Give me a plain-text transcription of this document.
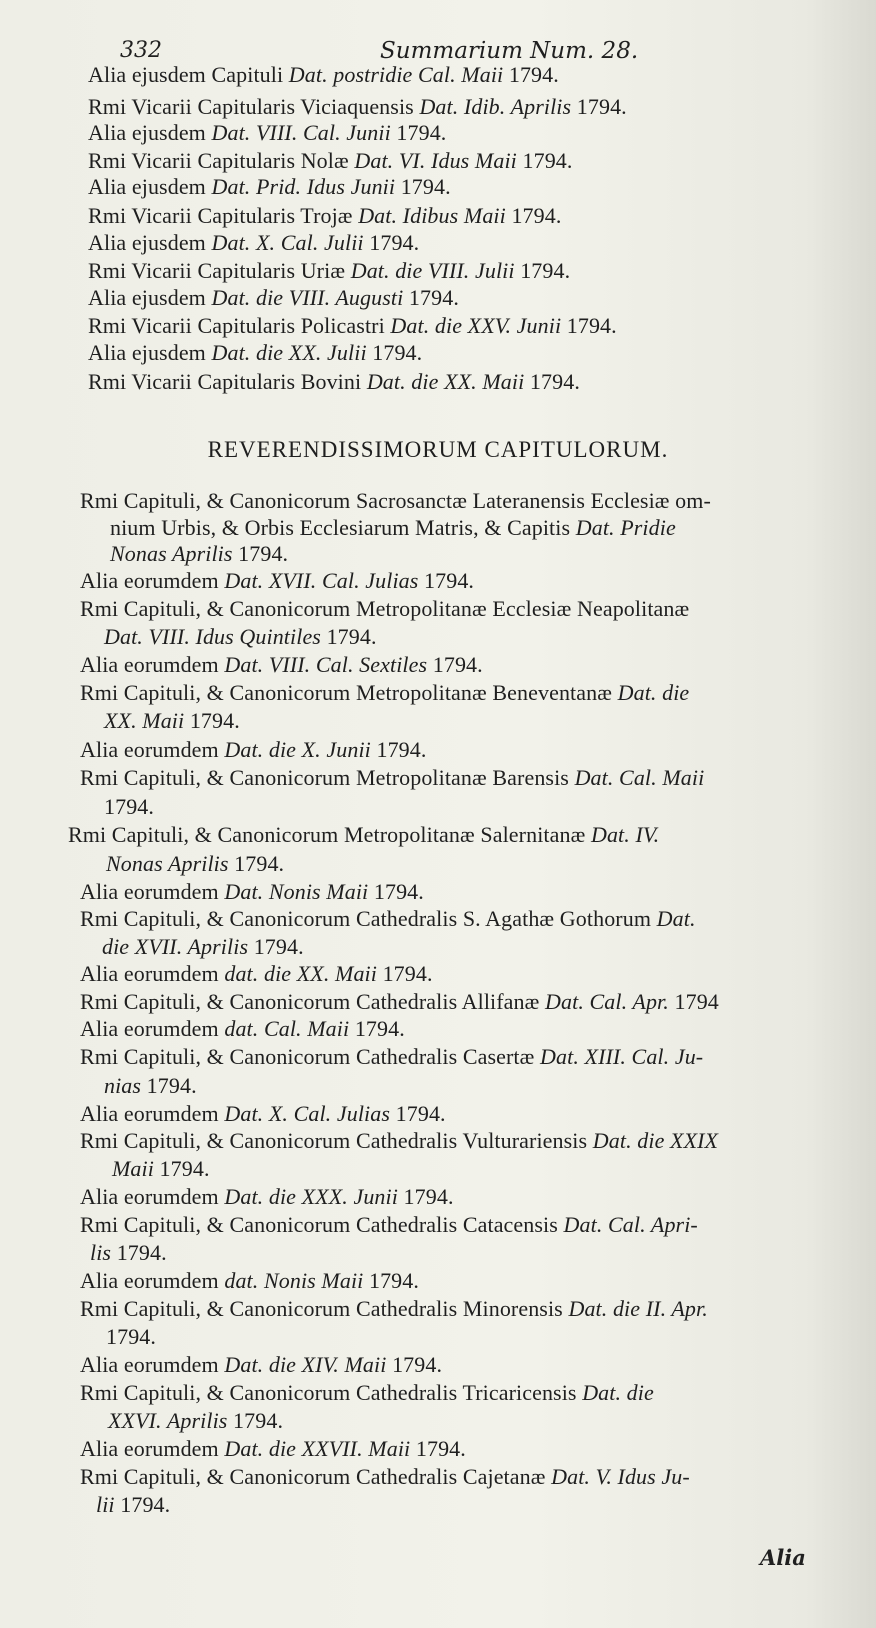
332	Summarium Num. 28.
Alia ejusdem Capituli Dat. postridie Cal. Maii 1794.
Rmi Vicarii Capitularis Viciaquensis Dat. Idib. Aprilis 1794.
Alia ejusdem Dat. VIII. Cal. Junii 1794.
Rmi Vicarii Capitularis Nolæ Dat. VI. Idus Maii 1794.
Alia ejusdem Dat. Prid. Idus Junii 1794.
Rmi Vicarii Capitularis Trojæ Dat. Idibus Maii 1794.
Alia ejusdem Dat. X. Cal. Julii 1794.
Rmi Vicarii Capitularis Uriæ Dat. die VIII. Julii 1794.
Alia ejusdem Dat. die VIII. Augusti 1794.
Rmi Vicarii Capitularis Policastri Dat. die XXV. Junii 1794.
Alia ejusdem Dat. die XX. Julii 1794.
Rmi Vicarii Capitularis Bovini Dat. die XX. Maii 1794.
Rmi Capituli, & Canonicorum Sacrosanctæ Lateranensis Ecclesiæ om-
nium Urbis, & Orbis Ecclesiarum Matris, & Capitis Dat. Pridie
Nonas Aprilis 1794.
Alia eorumdem Dat. XVII. Cal. Julias 1794.
Rmi Capituli, & Canonicorum Metropolitanæ Ecclesiæ Neapolitanæ
Dat. VIII. Idus Quintiles 1794.
Alia eorumdem Dat. VIII. Cal. Sextiles 1794.
Rmi Capituli, & Canonicorum Metropolitanæ Beneventanæ Dat. die
XX. Maii 1794.
Alia eorumdem Dat. die X. Junii 1794.
Rmi Capituli, & Canonicorum Metropolitanæ Barensis Dat. Cal. Maii
1794.
Rmi Capituli, & Canonicorum Metropolitanæ Salernitanæ Dat. IV.
Nonas Aprilis 1794.
Alia eorumdem Dat. Nonis Maii 1794.
Rmi Capituli, & Canonicorum Cathedralis S. Agathæ Gothorum Dat.
die XVII. Aprilis 1794.
Alia eorumdem dat. die XX. Maii 1794.
Rmi Capituli, & Canonicorum Cathedralis Allifanæ Dat. Cal. Apr. 1794
Alia eorumdem dat. Cal. Maii 1794.
Rmi Capituli, & Canonicorum Cathedralis Casertæ Dat. XIII. Cal. Ju-
nias 1794.
Alia eorumdem Dat. X. Cal. Julias 1794.
Rmi Capituli, & Canonicorum Cathedralis Vulturariensis Dat. die XXIX
Maii 1794.
Alia eorumdem Dat. die XXX. Junii 1794.
Rmi Capituli, & Canonicorum Cathedralis Catacensis Dat. Cal. Apri-
lis 1794.
Alia eorumdem dat. Nonis Maii 1794.
Rmi Capituli, & Canonicorum Cathedralis Minorensis Dat. die II. Apr.
1794.
Alia eorumdem Dat. die XIV. Maii 1794.
Rmi Capituli, & Canonicorum Cathedralis Tricaricensis Dat. die
XXVI. Aprilis 1794.
Alia eorumdem Dat. die XXVII. Maii 1794.
Rmi Capituli, & Canonicorum Cathedralis Cajetanæ Dat. V. Idus Ju-
lii 1794.
REVERENDISSIMORUM CAPITULORUM.
Alia
